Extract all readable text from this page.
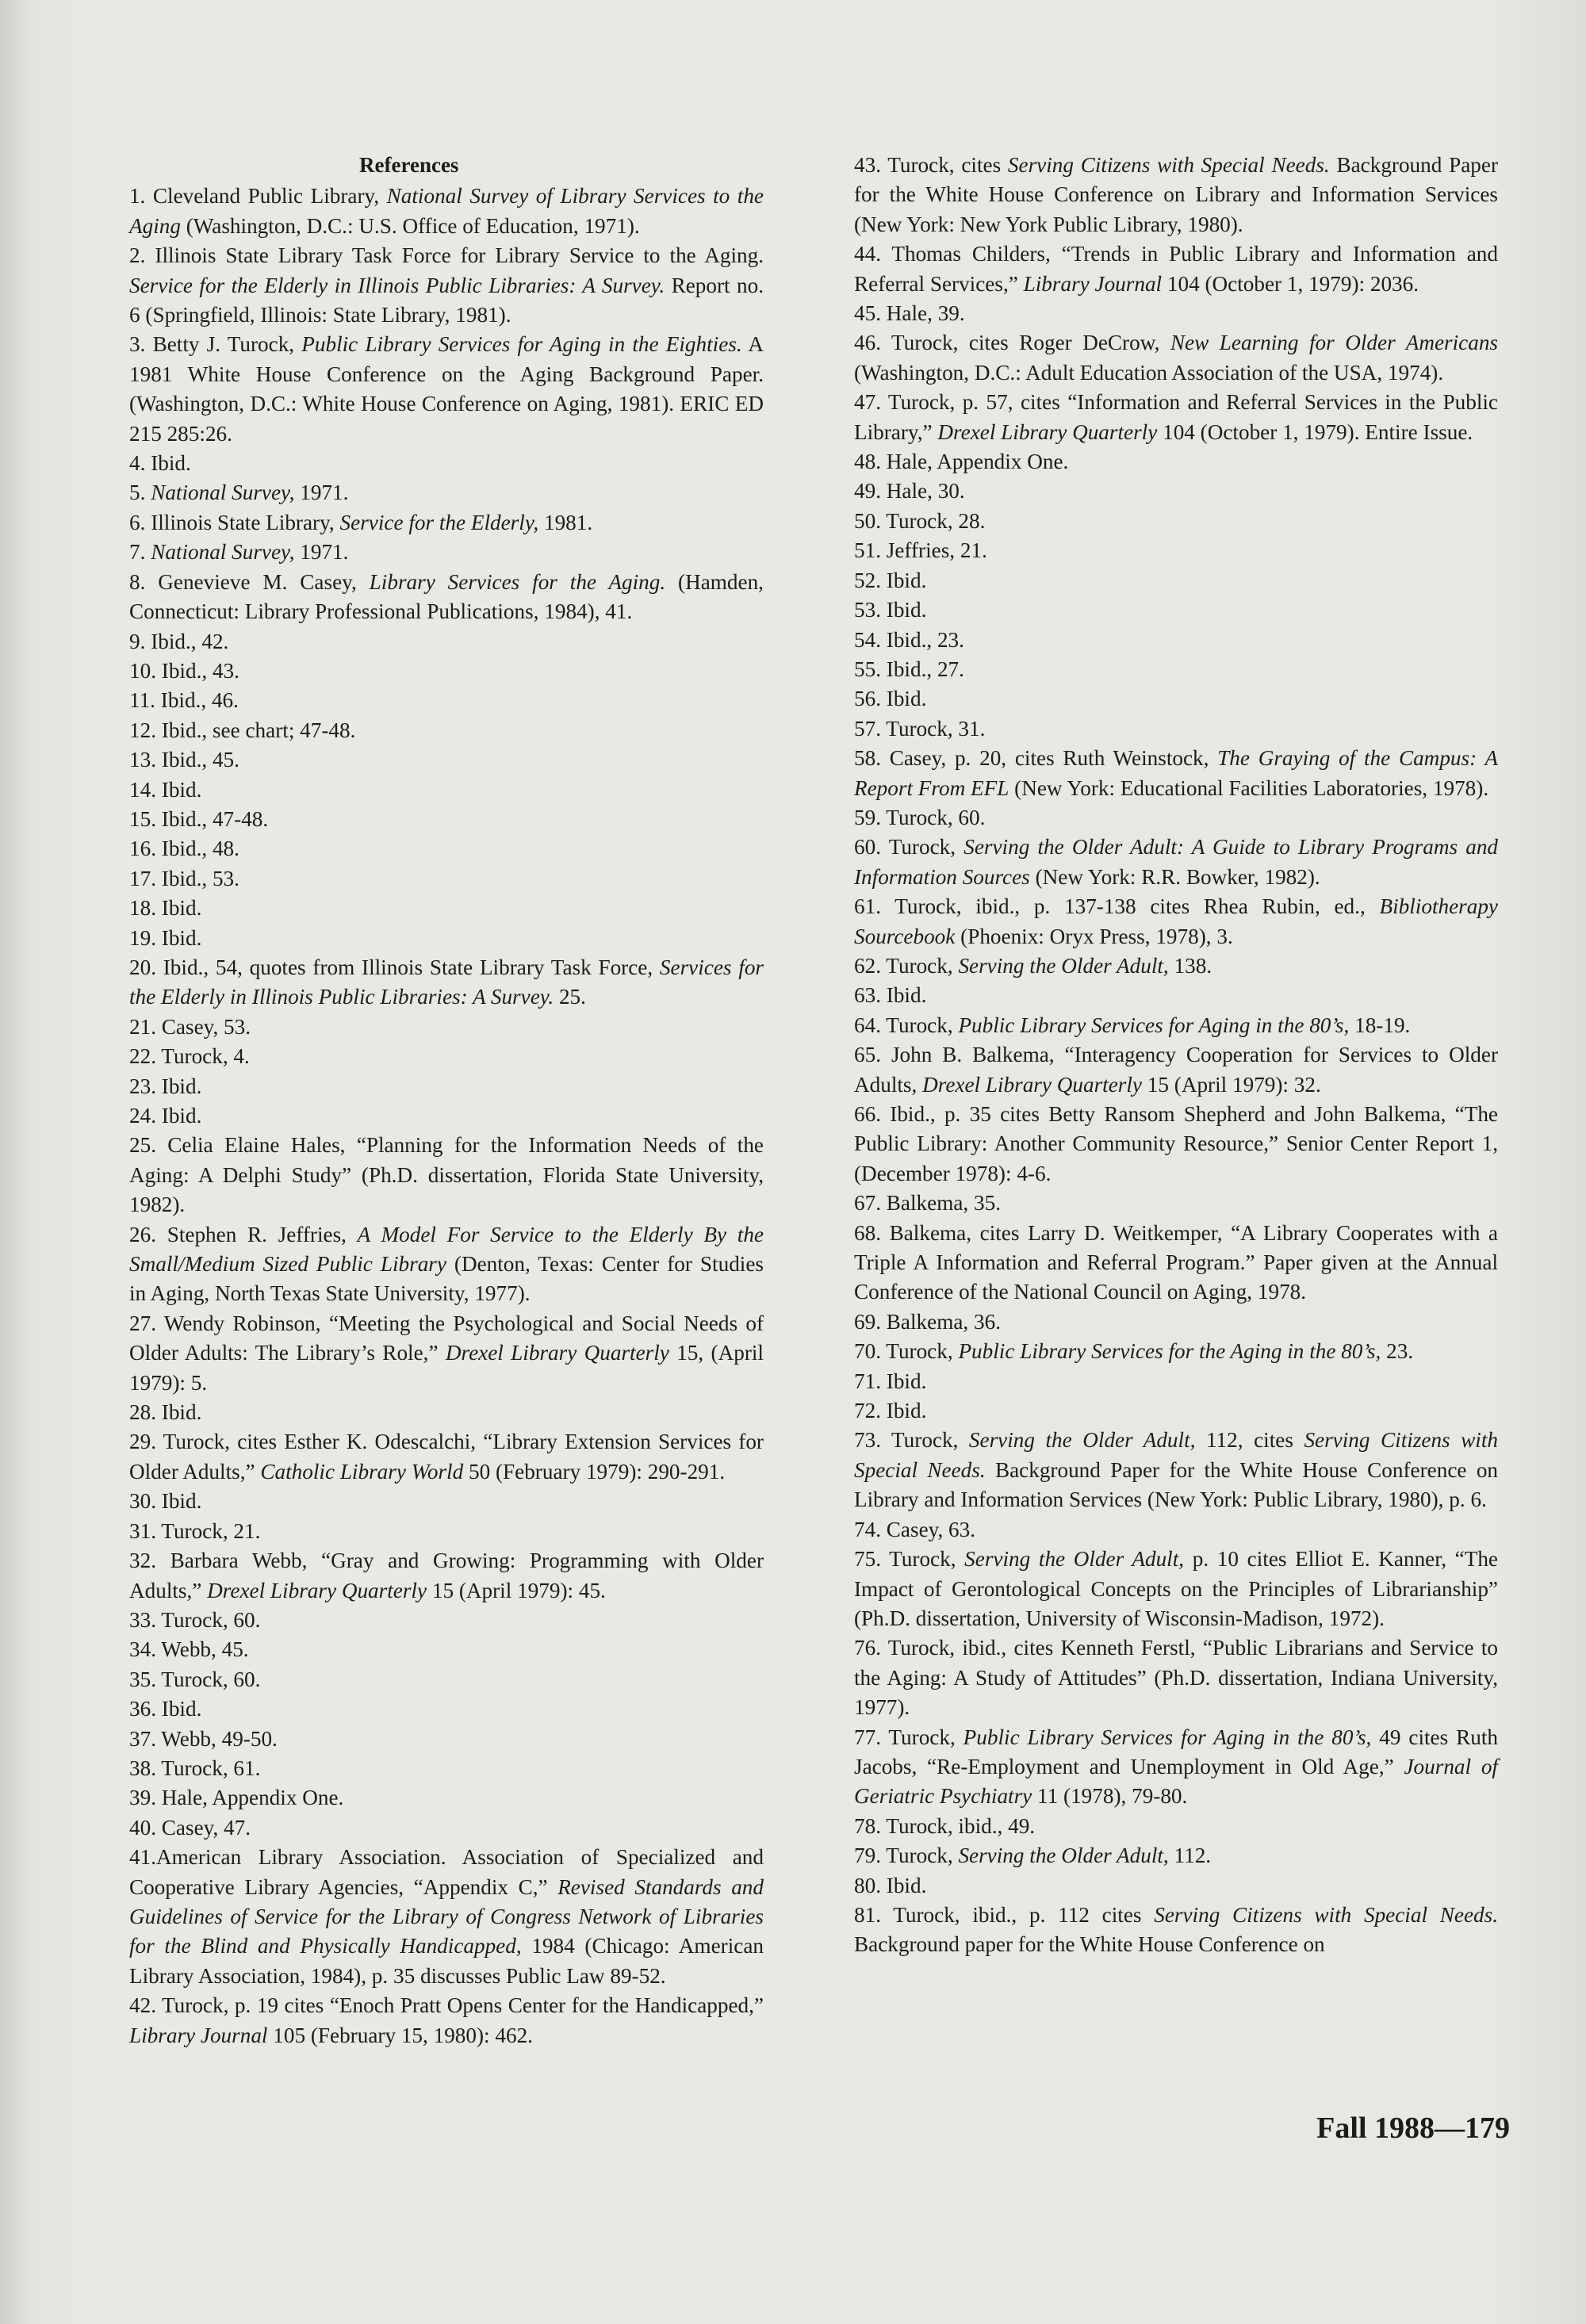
References

1. Cleveland Public Library, National Survey of Library Services to the Aging (Washington, D.C.: U.S. Office of Education, 1971).

2. Illinois State Library Task Force for Library Service to the Aging. Service for the Elderly in Illinois Public Libraries: A Survey. Report no. 6 (Springfield, Illinois: State Library, 1981).

3. Betty J. Turock, Public Library Services for Aging in the Eighties. A 1981 White House Conference on the Aging Background Paper. (Washington, D.C.: White House Conference on Aging, 1981). ERIC ED 215 285:26.

4. Ibid.

5. National Survey, 1971.

6. Illinois State Library, Service for the Elderly, 1981.

7. National Survey, 1971.

8. Genevieve M. Casey, Library Services for the Aging. (Hamden, Connecticut: Library Professional Publications, 1984), 41.

9. Ibid., 42.

10. Ibid., 43.

11. Ibid., 46.

12. Ibid., see chart; 47-48.

13. Ibid., 45.

14. Ibid.

15. Ibid., 47-48.

16. Ibid., 48.

17. Ibid., 53.

18. Ibid.

19. Ibid.

20. Ibid., 54, quotes from Illinois State Library Task Force, Services for the Elderly in Illinois Public Libraries: A Survey. 25.

21. Casey, 53.

22. Turock, 4.

23. Ibid.

24. Ibid.

25. Celia Elaine Hales, “Planning for the Information Needs of the Aging: A Delphi Study” (Ph.D. dissertation, Florida State University, 1982).

26. Stephen R. Jeffries, A Model For Service to the Elderly By the Small/Medium Sized Public Library (Denton, Texas: Center for Studies in Aging, North Texas State University, 1977).

27. Wendy Robinson, “Meeting the Psychological and Social Needs of Older Adults: The Library’s Role,” Drexel Library Quarterly 15, (April 1979): 5.

28. Ibid.

29. Turock, cites Esther K. Odescalchi, “Library Extension Services for Older Adults,” Catholic Library World 50 (February 1979): 290-291.

30. Ibid.

31. Turock, 21.

32. Barbara Webb, “Gray and Growing: Programming with Older Adults,” Drexel Library Quarterly 15 (April 1979): 45.

33. Turock, 60.

34. Webb, 45.

35. Turock, 60.

36. Ibid.

37. Webb, 49-50.

38. Turock, 61.

39. Hale, Appendix One.

40. Casey, 47.

41.American Library Association. Association of Specialized and Cooperative Library Agencies, “Appendix C,” Revised Standards and Guidelines of Service for the Library of Congress Network of Libraries for the Blind and Physically Handicapped, 1984 (Chicago: American Library Association, 1984), p. 35 discusses Public Law 89-52.

42. Turock, p. 19 cites “Enoch Pratt Opens Center for the Handicapped,” Library Journal 105 (February 15, 1980): 462.

43. Turock, cites Serving Citizens with Special Needs. Background Paper for the White House Conference on Library and Information Services (New York: New York Public Library, 1980).

44. Thomas Childers, “Trends in Public Library and Information and Referral Services,” Library Journal 104 (October 1, 1979): 2036.

45. Hale, 39.

46. Turock, cites Roger DeCrow, New Learning for Older Americans (Washington, D.C.: Adult Education Association of the USA, 1974).

47. Turock, p. 57, cites “Information and Referral Services in the Public Library,” Drexel Library Quarterly 104 (October 1, 1979). Entire Issue.

48. Hale, Appendix One.

49. Hale, 30.

50. Turock, 28.

51. Jeffries, 21.

52. Ibid.

53. Ibid.

54. Ibid., 23.

55. Ibid., 27.

56. Ibid.

57. Turock, 31.

58. Casey, p. 20, cites Ruth Weinstock, The Graying of the Campus: A Report From EFL (New York: Educational Facilities Laboratories, 1978).

59. Turock, 60.

60. Turock, Serving the Older Adult: A Guide to Library Programs and Information Sources (New York: R.R. Bowker, 1982).

61. Turock, ibid., p. 137-138 cites Rhea Rubin, ed., Bibliotherapy Sourcebook (Phoenix: Oryx Press, 1978), 3.

62. Turock, Serving the Older Adult, 138.

63. Ibid.

64. Turock, Public Library Services for Aging in the 80’s, 18-19.

65. John B. Balkema, “Interagency Cooperation for Services to Older Adults, Drexel Library Quarterly 15 (April 1979): 32.

66. Ibid., p. 35 cites Betty Ransom Shepherd and John Balkema, “The Public Library: Another Community Resource,” Senior Center Report 1, (December 1978): 4-6.

67. Balkema, 35.

68. Balkema, cites Larry D. Weitkemper, “A Library Cooperates with a Triple A Information and Referral Program.” Paper given at the Annual Conference of the National Council on Aging, 1978.

69. Balkema, 36.

70. Turock, Public Library Services for the Aging in the 80’s, 23.

71. Ibid.

72. Ibid.

73. Turock, Serving the Older Adult, 112, cites Serving Citizens with Special Needs. Background Paper for the White House Conference on Library and Information Services (New York: Public Library, 1980), p. 6.

74. Casey, 63.

75. Turock, Serving the Older Adult, p. 10 cites Elliot E. Kanner, “The Impact of Gerontological Concepts on the Principles of Librarianship” (Ph.D. dissertation, University of Wisconsin-Madison, 1972).

76. Turock, ibid., cites Kenneth Ferstl, “Public Librarians and Service to the Aging: A Study of Attitudes” (Ph.D. dissertation, Indiana University, 1977).

77. Turock, Public Library Services for Aging in the 80’s, 49 cites Ruth Jacobs, “Re-Employment and Unemployment in Old Age,” Journal of Geriatric Psychiatry 11 (1978), 79-80.

78. Turock, ibid., 49.

79. Turock, Serving the Older Adult, 112.

80. Ibid.

81. Turock, ibid., p. 112 cites Serving Citizens with Special Needs. Background paper for the White House Conference on

Fall 1988—179
